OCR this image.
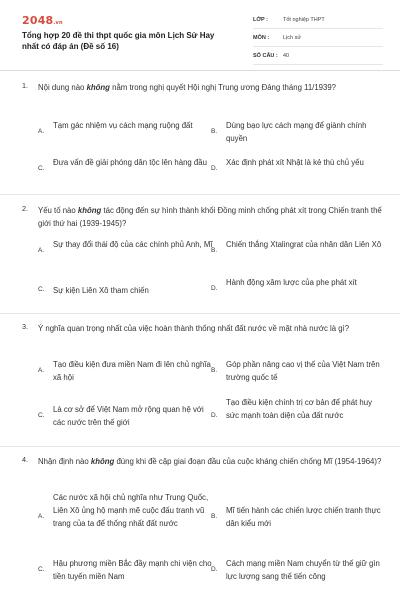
2048.vn
Tổng hợp 20 đề thi thpt quốc gia môn Lịch Sử Hay nhất có đáp án (Đề số 16)
LỚP :	Tốt nghiệp THPT
MÔN :	Lịch sử
SỐ CÂU : 40
1. Nội dung nào không nằm trong nghị quyết Hội nghị Trung ương Đảng tháng 11/1939?
A.
Tạm gác nhiệm vụ cách mạng ruộng đất
B.
Dùng bạo lực cách mạng để giành chính quyền
C.
Đưa vấn đề giải phóng dân tộc lên hàng đầu
D.
Xác định phát xít Nhật là kẻ thù chủ yếu
2. Yếu tố nào không tác động đến sự hình thành khối Đồng minh chống phát xít trong Chiến tranh thế giới thứ hai (1939-1945)?
A.
Sự thay đổi thái độ của các chính phủ Anh, Mĩ
B.
Chiến thắng Xtalingrat của nhân dân Liên Xô
C. Sự kiện Liên Xô tham chiến	D.
Hành động xâm lược của phe phát xít
3. Ý nghĩa quan trọng nhất của việc hoàn thành thống nhất đất nước về mặt nhà nước là gì?
A.
Tạo điều kiện đưa miền Nam đi lên chủ nghĩa xã hội
B.
Góp phần nâng cao vị thế của Việt Nam trên trường quốc tế
C.
Là cơ sở để Việt Nam mở rộng quan hệ với các nước trên thế giới
D.
Tạo điều kiện chính trị cơ bản để phát huy sức mạnh toàn diện của đất nước
4. Nhận định nào không đúng khi đề cập giai đoạn đầu của cuộc kháng chiến chống Mĩ (1954-1964)?
A.
Các nước xã hội chủ nghĩa như Trung Quốc, Liên Xô ủng hộ mạnh mẽ cuộc đấu tranh vũ trang của ta để thống nhất đất nước
B.
Mĩ tiến hành các chiến lược chiến tranh thực dân kiểu mới
C.
Hậu phương miền Bắc đầy mạnh chi viện cho tiền tuyến miền Nam
D.
Cách mạng miền Nam chuyển từ thế giữ gìn lực lượng sang thế tiến công
